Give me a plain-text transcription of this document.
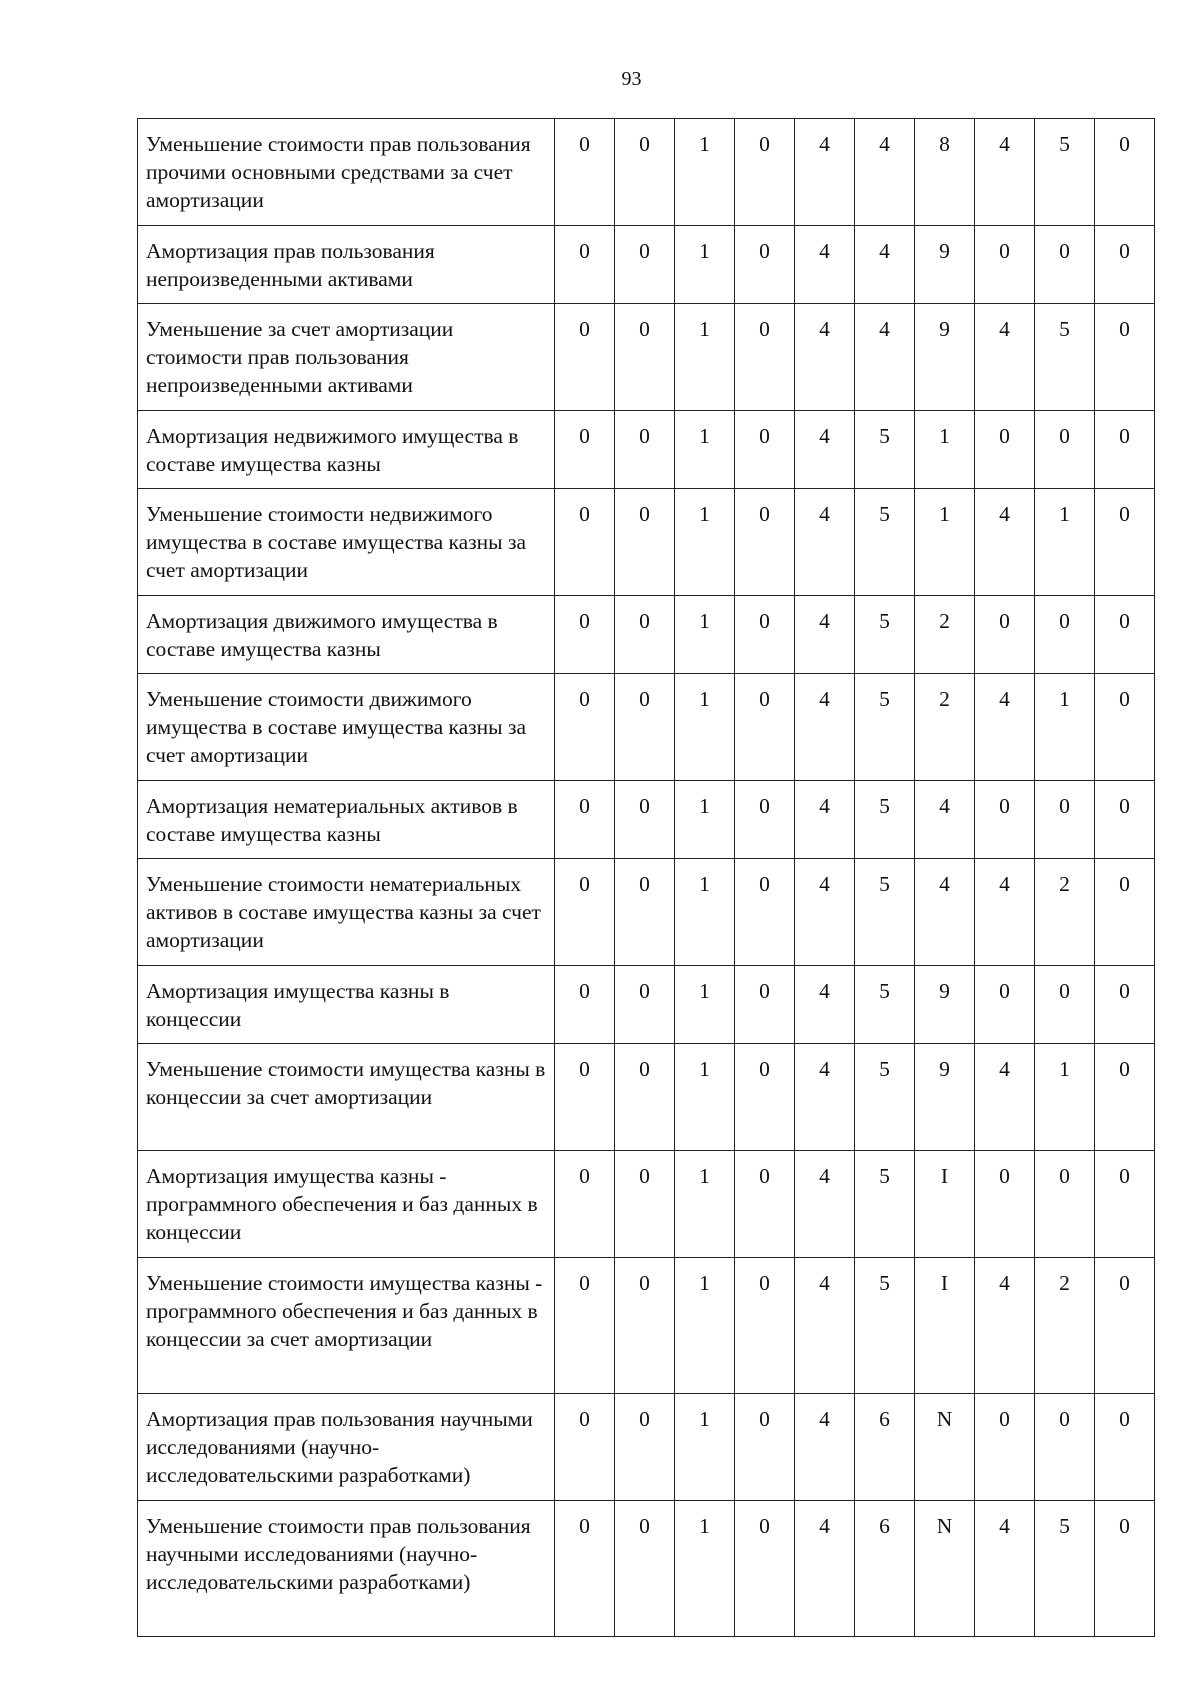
93
Уменьшение стоимости прав пользования прочими основными средствами за счет амортизации	0	0	1	0	4	4	8	4	5	0
Амортизация прав пользования непроизведенными активами	0	0	1	0	4	4	9	0	0	0
Уменьшение за счет амортизации стоимости прав пользования непроизведенными активами	0	0	1	0	4	4	9	4	5	0
Амортизация недвижимого имущества в составе имущества казны	0	0	1	0	4	5	1	0	0	0
Уменьшение стоимости недвижимого имущества в составе имущества казны за счет амортизации	0	0	1	0	4	5	1	4	1	0
Амортизация движимого имущества в составе имущества казны	0	0	1	0	4	5	2	0	0	0
Уменьшение стоимости движимого имущества в составе имущества казны за счет амортизации	0	0	1	0	4	5	2	4	1	0
Амортизация нематериальных активов в составе имущества казны	0	0	1	0	4	5	4	0	0	0
Уменьшение стоимости нематериальных активов в составе имущества казны за счет амортизации	0	0	1	0	4	5	4	4	2	0
Амортизация имущества казны в концессии	0	0	1	0	4	5	9	0	0	0
Уменьшение стоимости имущества казны в концессии за счет амортизации	0	0	1	0	4	5	9	4	1	0
Амортизация имущества казны - программного обеспечения и баз данных в концессии	0	0	1	0	4	5	I	0	0	0
Уменьшение стоимости имущества казны - программного обеспечения и баз данных в концессии за счет амортизации	0	0	1	0	4	5	I	4	2	0
Амортизация прав пользования научными исследованиями (научно-исследовательскими разработками)	0	0	1	0	4	6	N	0	0	0
Уменьшение стоимости прав пользования научными исследованиями (научно-исследовательскими разработками)	0	0	1	0	4	6	N	4	5	0
